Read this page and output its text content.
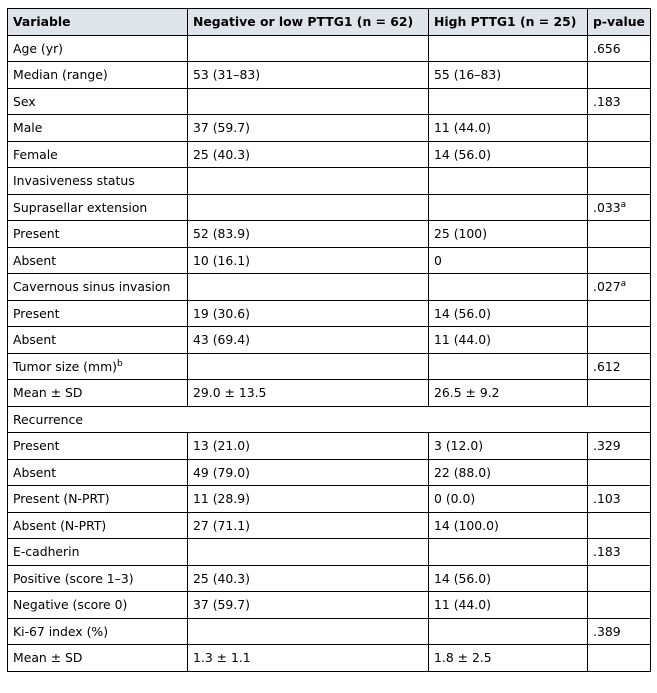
Variable	Negative or low PTTG1 (n = 62)	High PTTG1 (n = 25)	p-value
Age (yr)			.656
Median (range)	53 (31–83)	55 (16–83)	
Sex			.183
Male	37 (59.7)	11 (44.0)	
Female	25 (40.3)	14 (56.0)	
Invasiveness status			
Suprasellar extension			.033$^a$
Present	52 (83.9)	25 (100)	
Absent	10 (16.1)	0	
Cavernous sinus invasion			.027$^a$
Present	19 (30.6)	14 (56.0)	
Absent	43 (69.4)	11 (44.0)	
Tumor size (mm)$^b$			.612
Mean ± SD	29.0 ± 13.5	26.5 ± 9.2	
Recurrence			
Present	13 (21.0)	3 (12.0)	.329
Absent	49 (79.0)	22 (88.0)	
Present (N-PRT)	11 (28.9)	0 (0.0)	.103
Absent (N-PRT)	27 (71.1)	14 (100.0)	
E-cadherin			.183
Positive (score 1–3)	25 (40.3)	14 (56.0)	
Negative (score 0)	37 (59.7)	11 (44.0)	
Ki-67 index (%)			.389
Mean ± SD	1.3 ± 1.1	1.8 ± 2.5	
